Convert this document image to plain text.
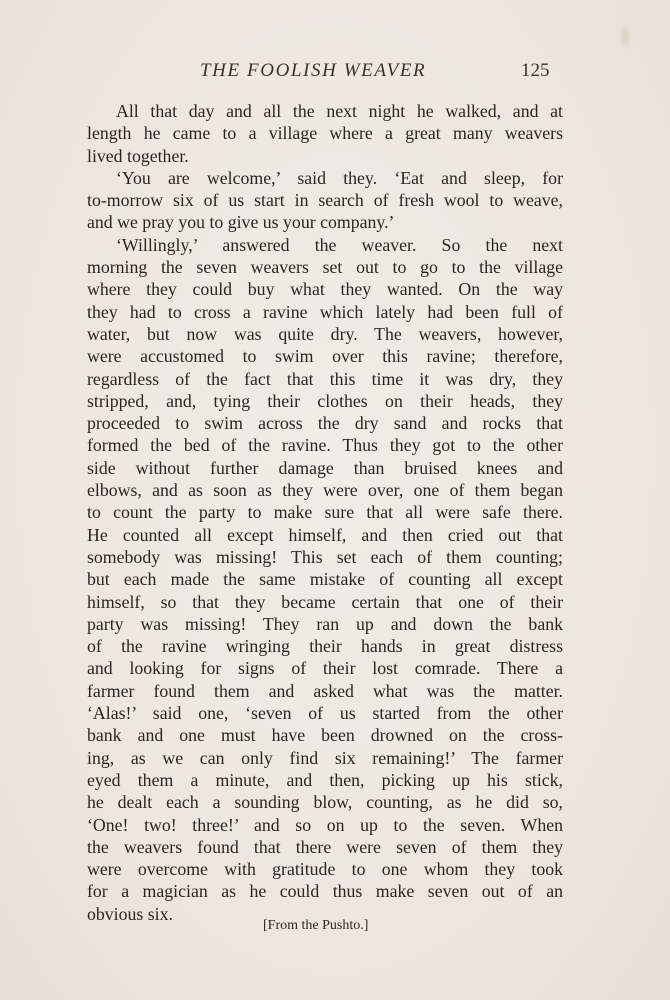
THE FOOLISH WEAVER	125
All that day and all the next night he walked, and at
length he came to a village where a great many weavers
lived together.
‘You are welcome,’ said they. ‘Eat and sleep, for
to-morrow six of us start in search of fresh wool to weave,
and we pray you to give us your company.’
‘Willingly,’ answered the weaver. So the next
morning the seven weavers set out to go to the village
where they could buy what they wanted. On the way
they had to cross a ravine which lately had been full of
water, but now was quite dry. The weavers, however,
were accustomed to swim over this ravine; therefore,
regardless of the fact that this time it was dry, they
stripped, and, tying their clothes on their heads, they
proceeded to swim across the dry sand and rocks that
formed the bed of the ravine. Thus they got to the other
side without further damage than bruised knees and
elbows, and as soon as they were over, one of them began
to count the party to make sure that all were safe there.
He counted all except himself, and then cried out that
somebody was missing! This set each of them counting;
but each made the same mistake of counting all except
himself, so that they became certain that one of their
party was missing! They ran up and down the bank
of the ravine wringing their hands in great distress
and looking for signs of their lost comrade. There a
farmer found them and asked what was the matter.
‘Alas!’ said one, ‘seven of us started from the other
bank and one must have been drowned on the cross-
ing, as we can only find six remaining!’ The farmer
eyed them a minute, and then, picking up his stick,
he dealt each a sounding blow, counting, as he did so,
‘One! two! three!’ and so on up to the seven. When
the weavers found that there were seven of them they
were overcome with gratitude to one whom they took
for a magician as he could thus make seven out of an
obvious six.
[From the Pushto.]
